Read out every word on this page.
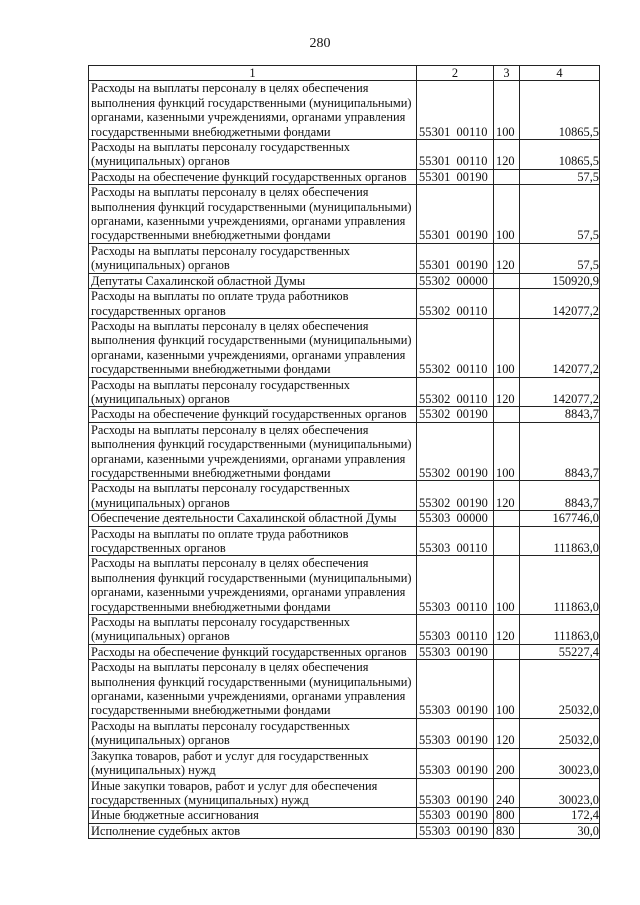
280
1	2	3	4
Расходы на выплаты персоналу в целях обеспечения выполнения функций государственными (муниципальными) органами, казенными учреждениями, органами управления государственными внебюджетными фондами	55301 00110	100	10865,5
Расходы на выплаты персоналу государственных (муниципальных) органов	55301 00110	120	10865,5
Расходы на обеспечение функций государственных органов	55301 00190		57,5
Расходы на выплаты персоналу в целях обеспечения выполнения функций государственными (муниципальными) органами, казенными учреждениями, органами управления государственными внебюджетными фондами	55301 00190	100	57,5
Расходы на выплаты персоналу государственных (муниципальных) органов	55301 00190	120	57,5
Депутаты Сахалинской областной Думы	55302 00000		150920,9
Расходы на выплаты по оплате труда работников государственных органов	55302 00110		142077,2
Расходы на выплаты персоналу в целях обеспечения выполнения функций государственными (муниципальными) органами, казенными учреждениями, органами управления государственными внебюджетными фондами	55302 00110	100	142077,2
Расходы на выплаты персоналу государственных (муниципальных) органов	55302 00110	120	142077,2
Расходы на обеспечение функций государственных органов	55302 00190		8843,7
Расходы на выплаты персоналу в целях обеспечения выполнения функций государственными (муниципальными) органами, казенными учреждениями, органами управления государственными внебюджетными фондами	55302 00190	100	8843,7
Расходы на выплаты персоналу государственных (муниципальных) органов	55302 00190	120	8843,7
Обеспечение деятельности Сахалинской областной Думы	55303 00000		167746,0
Расходы на выплаты по оплате труда работников государственных органов	55303 00110		111863,0
Расходы на выплаты персоналу в целях обеспечения выполнения функций государственными (муниципальными) органами, казенными учреждениями, органами управления государственными внебюджетными фондами	55303 00110	100	111863,0
Расходы на выплаты персоналу государственных (муниципальных) органов	55303 00110	120	111863,0
Расходы на обеспечение функций государственных органов	55303 00190		55227,4
Расходы на выплаты персоналу в целях обеспечения выполнения функций государственными (муниципальными) органами, казенными учреждениями, органами управления государственными внебюджетными фондами	55303 00190	100	25032,0
Расходы на выплаты персоналу государственных (муниципальных) органов	55303 00190	120	25032,0
Закупка товаров, работ и услуг для государственных (муниципальных) нужд	55303 00190	200	30023,0
Иные закупки товаров, работ и услуг для обеспечения государственных (муниципальных) нужд	55303 00190	240	30023,0
Иные бюджетные ассигнования	55303 00190	800	172,4
Исполнение судебных актов	55303 00190	830	30,0
